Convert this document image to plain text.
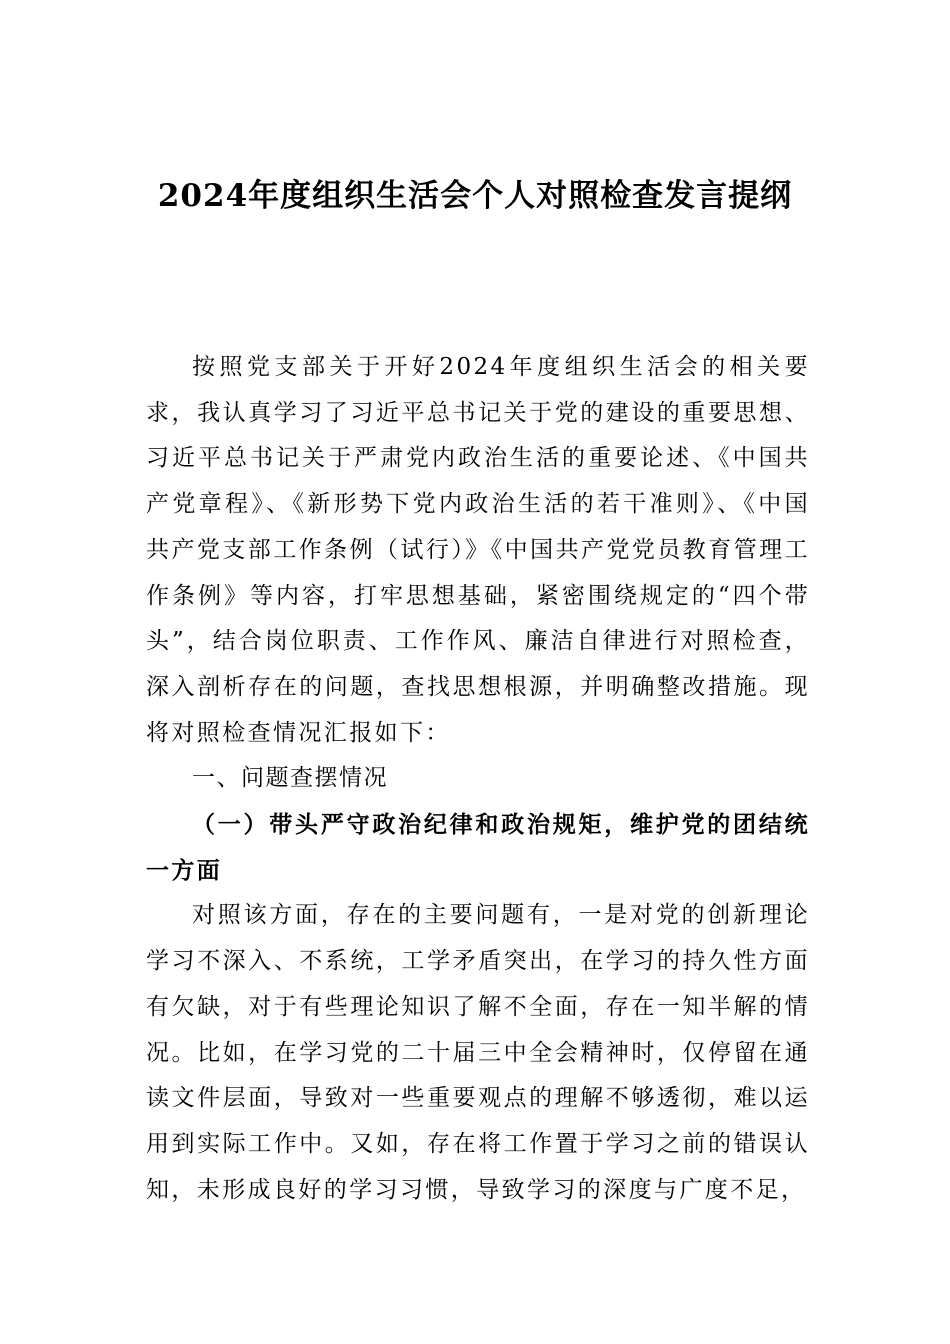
2024年度组织生活会个人对照检查发言提纲

按照党支部关于开好2024年度组织生活会的相关要求，我认真学习了习近平总书记关于党的建设的重要思想、习近平总书记关于严肃党内政治生活的重要论述、《中国共产党章程》、《新形势下党内政治生活的若干准则》、《中国共产党支部工作条例（试行）》《中国共产党党员教育管理工作条例》等内容，打牢思想基础，紧密围绕规定的“四个带头”，结合岗位职责、工作作风、廉洁自律进行对照检查，深入剖析存在的问题，查找思想根源，并明确整改措施。现将对照检查情况汇报如下：

一、问题查摆情况

（一）带头严守政治纪律和政治规矩，维护党的团结统一方面

对照该方面，存在的主要问题有，一是对党的创新理论学习不深入、不系统，工学矛盾突出，在学习的持久性方面有欠缺，对于有些理论知识了解不全面，存在一知半解的情况。比如，在学习党的二十届三中全会精神时，仅停留在通读文件层面，导致对一些重要观点的理解不够透彻，难以运用到实际工作中。又如，存在将工作置于学习之前的错误认知，未形成良好的学习习惯，导致学习的深度与广度不足，
